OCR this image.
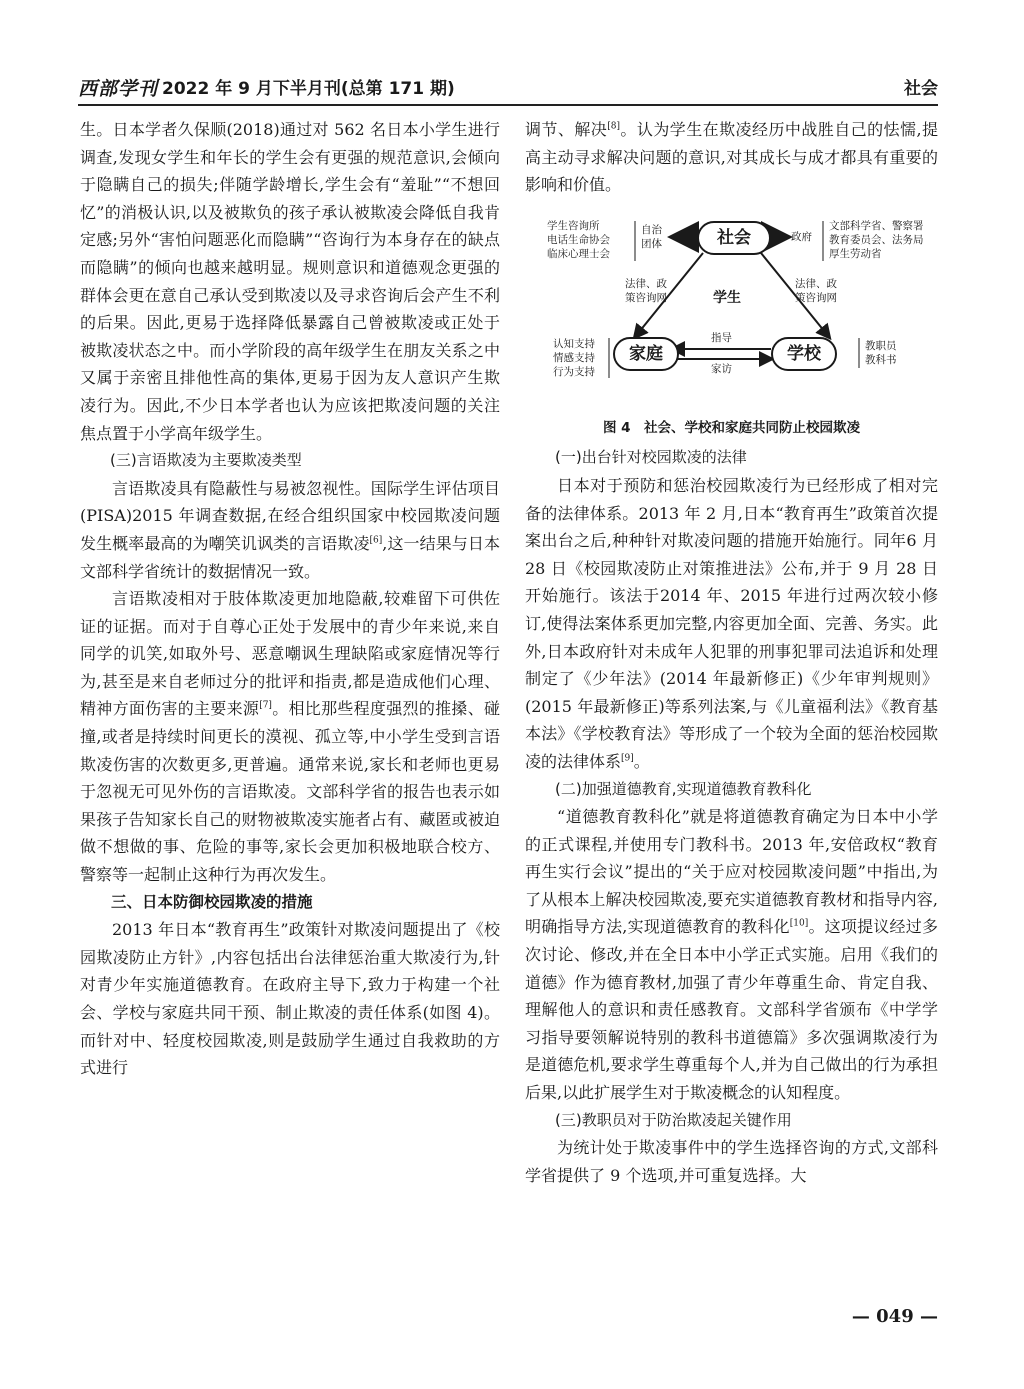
西部学刊 2022 年 9 月下半月刊(总第 171 期)	社会

生。日本学者久保顺(2018)通过对 562 名日本小学生进行调查,发现女学生和年长的学生会有更强的规范意识,会倾向于隐瞒自己的损失;伴随学龄增长,学生会有“羞耻”“不想回忆”的消极认识,以及被欺负的孩子承认被欺凌会降低自我肯定感;另外“害怕问题恶化而隐瞒”“咨询行为本身存在的缺点而隐瞒”的倾向也越来越明显。规则意识和道德观念更强的群体会更在意自己承认受到欺凌以及寻求咨询后会产生不利的后果。因此,更易于选择降低暴露自己曾被欺凌或正处于被欺凌状态之中。而小学阶段的高年级学生在朋友关系之中又属于亲密且排他性高的集体,更易于因为友人意识产生欺凌行为。因此,不少日本学者也认为应该把欺凌问题的关注焦点置于小学高年级学生。

(三)言语欺凌为主要欺凌类型

言语欺凌具有隐蔽性与易被忽视性。国际学生评估项目(PISA)2015 年调查数据,在经合组织国家中校园欺凌问题发生概率最高的为嘲笑讥讽类的言语欺凌[6],这一结果与日本文部科学省统计的数据情况一致。

言语欺凌相对于肢体欺凌更加地隐蔽,较难留下可供佐证的证据。而对于自尊心正处于发展中的青少年来说,来自同学的讥笑,如取外号、恶意嘲讽生理缺陷或家庭情况等行为,甚至是来自老师过分的批评和指责,都是造成他们心理、精神方面伤害的主要来源[7]。相比那些程度强烈的推搡、碰撞,或者是持续时间更长的漠视、孤立等,中小学生受到言语欺凌伤害的次数更多,更普遍。通常来说,家长和老师也更易于忽视无可见外伤的言语欺凌。文部科学省的报告也表示如果孩子告知家长自己的财物被欺凌实施者占有、藏匿或被迫做不想做的事、危险的事等,家长会更加积极地联合校方、警察等一起制止这种行为再次发生。

三、日本防御校园欺凌的措施

2013 年日本“教育再生”政策针对欺凌问题提出了《校园欺凌防止方针》,内容包括出台法律惩治重大欺凌行为,针对青少年实施道德教育。在政府主导下,致力于构建一个社会、学校与家庭共同干预、制止欺凌的责任体系(如图 4)。而针对中、轻度校园欺凌,则是鼓励学生通过自我救助的方式进行

调节、解决[8]。认为学生在欺凌经历中战胜自己的怯懦,提高主动寻求解决问题的意识,对其成长与成才都具有重要的影响和价值。

社会
家庭	学校
学生咨询所
电话生命协会
临床心理士会
自治
团体
政府
文部科学省、警察署
教育委员会、法务局
厚生劳动省
法律、政
策咨询网
法律、政
策咨询网
学生
认知支持
情感支持
行为支持
教职员
教科书
指导
家访

图 4　社会、学校和家庭共同防止校园欺凌

(一)出台针对校园欺凌的法律

日本对于预防和惩治校园欺凌行为已经形成了相对完备的法律体系。2013 年 2 月,日本“教育再生”政策首次提案出台之后,种种针对欺凌问题的措施开始施行。同年6 月28 日《校园欺凌防止对策推进法》公布,并于 9 月 28 日开始施行。该法于2014 年、2015 年进行过两次较小修订,使得法案体系更加完整,内容更加全面、完善、务实。此外,日本政府针对未成年人犯罪的刑事犯罪司法追诉和处理制定了《少年法》(2014 年最新修正)《少年审判规则》(2015 年最新修正)等系列法案,与《儿童福利法》《教育基本法》《学校教育法》等形成了一个较为全面的惩治校园欺凌的法律体系[9]。

(二)加强道德教育,实现道德教育教科化

“道德教育教科化”就是将道德教育确定为日本中小学的正式课程,并使用专门教科书。2013 年,安倍政权“教育再生实行会议”提出的“关于应对校园欺凌问题”中指出,为了从根本上解决校园欺凌,要充实道德教育教材和指导内容,明确指导方法,实现道德教育的教科化[10]。这项提议经过多次讨论、修改,并在全日本中小学正式实施。启用《我们的道德》作为德育教材,加强了青少年尊重生命、肯定自我、理解他人的意识和责任感教育。文部科学省颁布《中学学习指导要领解说特别的教科书道德篇》多次强调欺凌行为是道德危机,要求学生尊重每个人,并为自己做出的行为承担后果,以此扩展学生对于欺凌概念的认知程度。

(三)教职员对于防治欺凌起关键作用

为统计处于欺凌事件中的学生选择咨询的方式,文部科学省提供了 9 个选项,并可重复选择。大

— 049 —
